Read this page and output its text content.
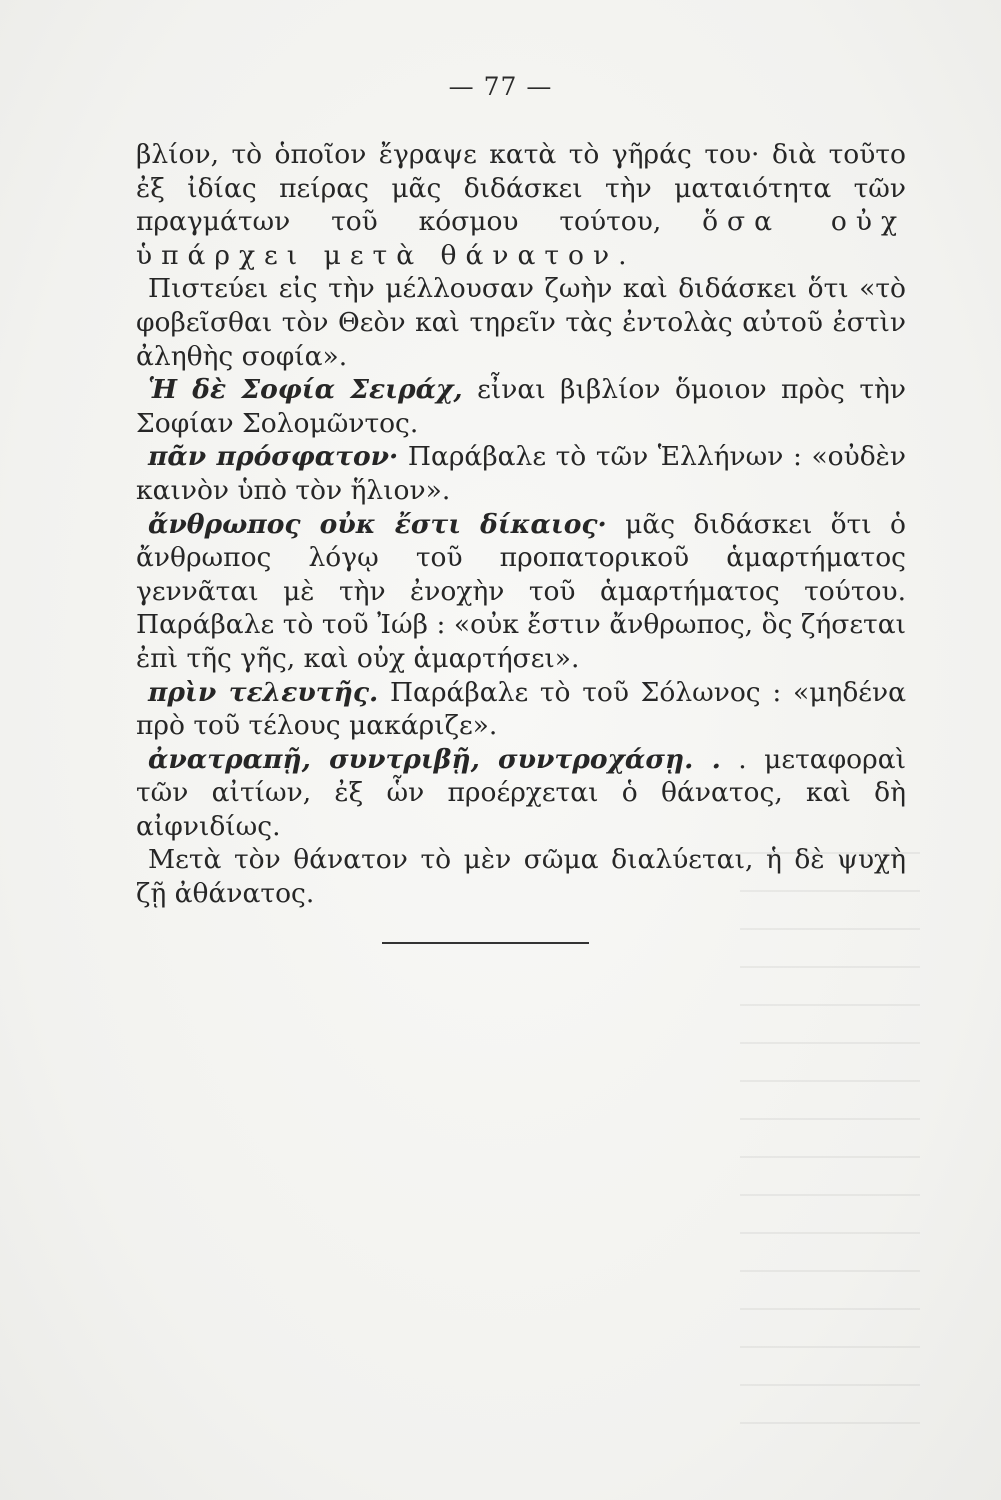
— 77 —

βλίον, τὸ ὁποῖον ἔγραψε κατὰ τὸ γῆράς του· διὰ τοῦτο ἐξ ἰδίας πείρας μᾶς διδάσκει τὴν ματαιότητα τῶν πραγμάτων τοῦ κόσμου τούτου, ὅσα οὐχ ὑπάρχει μετὰ θάνατον.

Πιστεύει εἰς τὴν μέλλουσαν ζωὴν καὶ διδάσκει ὅτι «τὸ φοβεῖσθαι τὸν Θεὸν καὶ τηρεῖν τὰς ἐντολὰς αὐτοῦ ἐστὶν ἀληθὴς σοφία».

Ἡ δὲ Σοφία Σειράχ, εἶναι βιβλίον ὅμοιον πρὸς τὴν Σοφίαν Σολομῶντος.

πᾶν πρόσφατον· Παράβαλε τὸ τῶν Ἑλλήνων : «οὐδὲν καινὸν ὑπὸ τὸν ἥλιον».

ἄνθρωπος οὐκ ἔστι δίκαιος· μᾶς διδάσκει ὅτι ὁ ἄνθρωπος λόγῳ τοῦ προπατορικοῦ ἁμαρτήματος γεννᾶται μὲ τὴν ἐνοχὴν τοῦ ἁμαρτήματος τούτου. Παράβαλε τὸ τοῦ Ἰώβ : «οὐκ ἔστιν ἄνθρωπος, ὃς ζήσεται ἐπὶ τῆς γῆς, καὶ οὐχ ἁμαρτήσει».

πρὶν τελευτῆς. Παράβαλε τὸ τοῦ Σόλωνος : «μηδένα πρὸ τοῦ τέλους μακάριζε».

ἀνατραπῇ, συντριβῇ, συντροχάσῃ. . . μεταφοραὶ τῶν αἰτίων, ἐξ ὧν προέρχεται ὁ θάνατος, καὶ δὴ αἰφνιδίως.

Μετὰ τὸν θάνατον τὸ μὲν σῶμα διαλύεται, ἡ δὲ ψυχὴ ζῇ ἀθάνατος.
